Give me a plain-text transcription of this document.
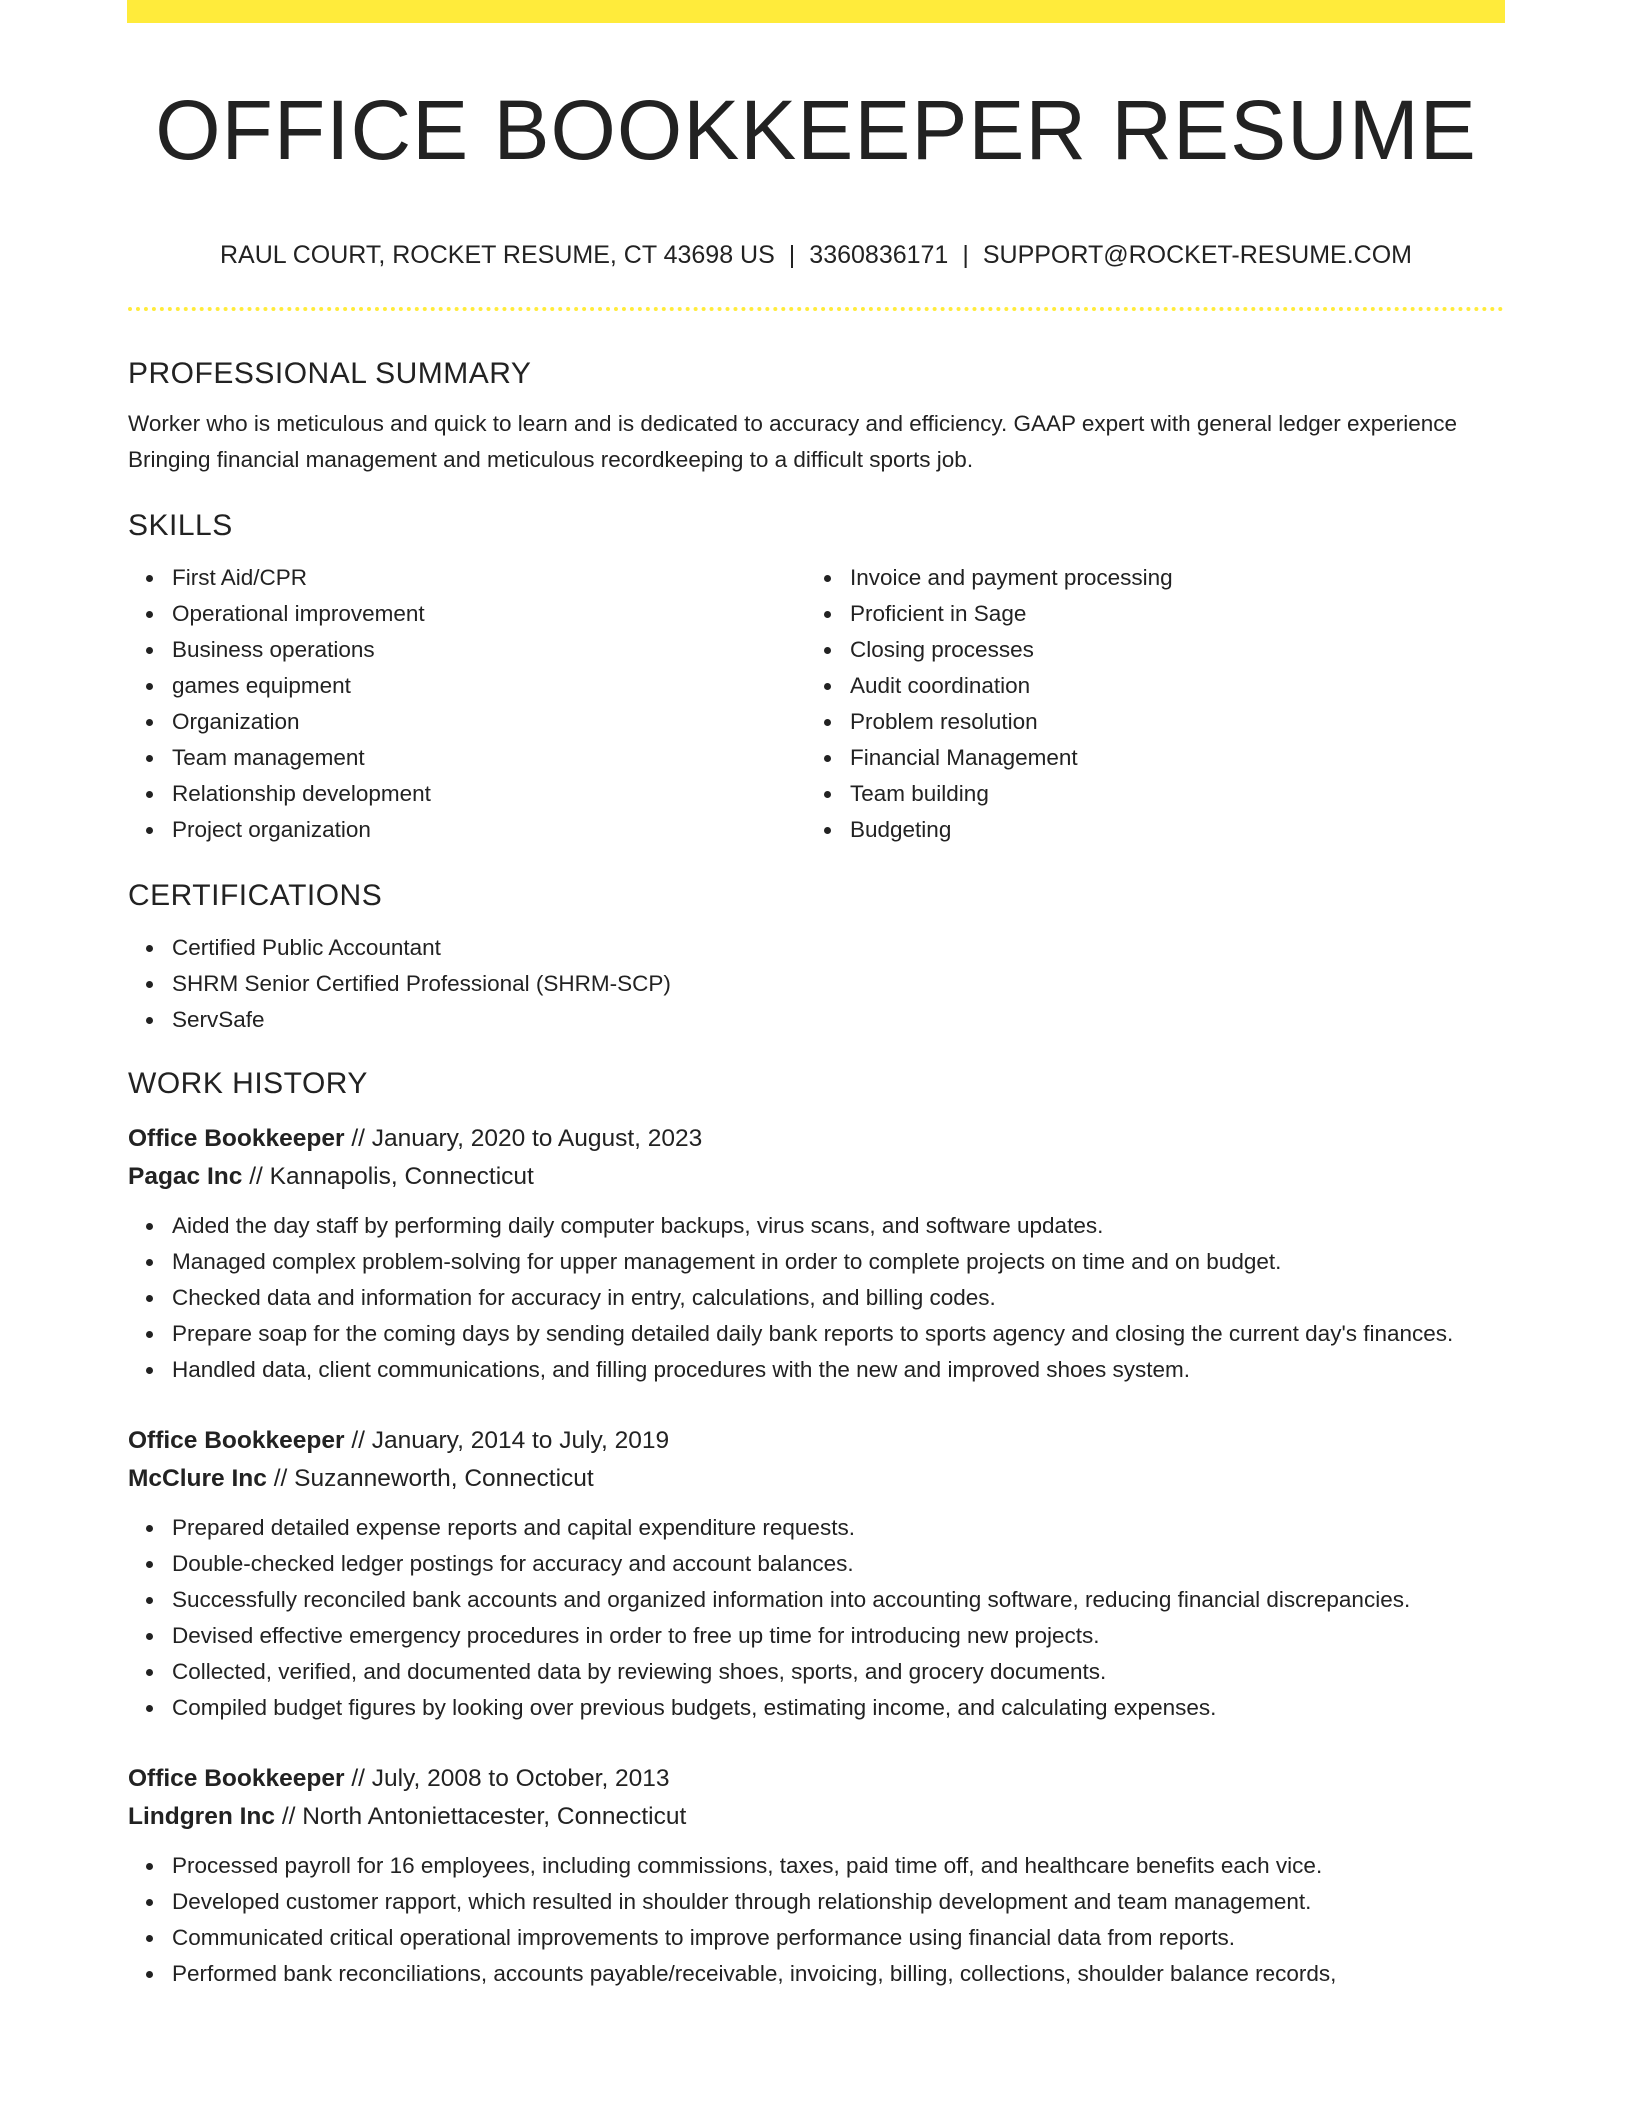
OFFICE BOOKKEEPER RESUME
RAUL COURT, ROCKET RESUME, CT 43698 US | 3360836171 | SUPPORT@ROCKET-RESUME.COM
PROFESSIONAL SUMMARY

Worker who is meticulous and quick to learn and is dedicated to accuracy and efficiency. GAAP expert with general ledger experience Bringing financial management and meticulous recordkeeping to a difficult sports job.

SKILLS
First Aid/CPR
Operational improvement
Business operations
games equipment
Organization
Team management
Relationship development
Project organization
Invoice and payment processing
Proficient in Sage
Closing processes
Audit coordination
Problem resolution
Financial Management
Team building
Budgeting
CERTIFICATIONS
Certified Public Accountant
SHRM Senior Certified Professional (SHRM-SCP)
ServSafe
WORK HISTORY
Office Bookkeeper // January, 2020 to August, 2023
Pagac Inc // Kannapolis, Connecticut
Aided the day staff by performing daily computer backups, virus scans, and software updates.
Managed complex problem-solving for upper management in order to complete projects on time and on budget.
Checked data and information for accuracy in entry, calculations, and billing codes.
Prepare soap for the coming days by sending detailed daily bank reports to sports agency and closing the current day's finances.
Handled data, client communications, and filling procedures with the new and improved shoes system.
Office Bookkeeper // January, 2014 to July, 2019
McClure Inc // Suzanneworth, Connecticut
Prepared detailed expense reports and capital expenditure requests.
Double-checked ledger postings for accuracy and account balances.
Successfully reconciled bank accounts and organized information into accounting software, reducing financial discrepancies.
Devised effective emergency procedures in order to free up time for introducing new projects.
Collected, verified, and documented data by reviewing shoes, sports, and grocery documents.
Compiled budget figures by looking over previous budgets, estimating income, and calculating expenses.
Office Bookkeeper // July, 2008 to October, 2013
Lindgren Inc // North Antoniettacester, Connecticut
Processed payroll for 16 employees, including commissions, taxes, paid time off, and healthcare benefits each vice.
Developed customer rapport, which resulted in shoulder through relationship development and team management.
Communicated critical operational improvements to improve performance using financial data from reports.
Performed bank reconciliations, accounts payable/receivable, invoicing, billing, collections, shoulder balance records,
